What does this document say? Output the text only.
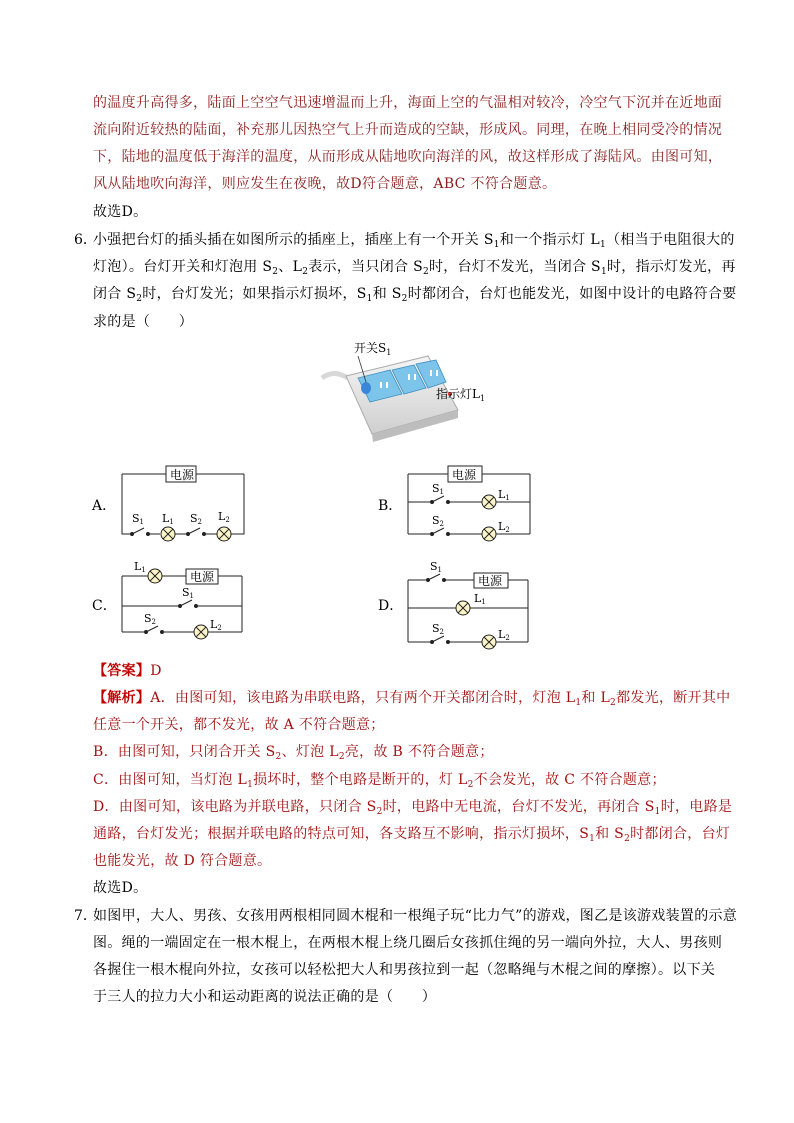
的温度升高得多，陆面上空空气迅速增温而上升，海面上空的气温相对较冷，冷空气下沉并在近地面
流向附近较热的陆面，补充那儿因热空气上升而造成的空缺，形成风。同理，在晚上相同受冷的情况
下，陆地的温度低于海洋的温度，从而形成从陆地吹向海洋的风，故这样形成了海陆风。由图可知，
风从陆地吹向海洋，则应发生在夜晚，故D符合题意，ABC 不符合题意。
故选D。
6．
小强把台灯的插头插在如图所示的插座上，插座上有一个开关 $S_1$和一个指示灯 $L_1$（相当于电阻很大的
灯泡）。台灯开关和灯泡用 $S_2$、$L_2$表示，当只闭合 $S_2$时，台灯不发光，当闭合 $S_1$时，指示灯发光，再
闭合 $S_2$时，台灯发光；如果指示灯损坏，$S_1$和 $S_2$时都闭合，台灯也能发光，如图中设计的电路符合要
求的是（　　）
开关$S_1$
指示灯$L_1$
A．
电源
S1 L1 S2 L2
B．
电源
S1	L1
S2	L2
C．
电源
L1
S1
S2	L2
D．
电源
S1
L1
S2	L2
【答案】D
【解析】A．由图可知，该电路为串联电路，只有两个开关都闭合时，灯泡 $L_1$和 $L_2$都发光，断开其中
任意一个开关，都不发光，故 A 不符合题意；
B．由图可知，只闭合开关 $S_2$、灯泡 $L_2$亮，故 B 不符合题意；
C．由图可知，当灯泡 $L_1$损坏时，整个电路是断开的，灯 $L_2$不会发光，故 C 不符合题意；
D．由图可知，该电路为并联电路，只闭合 $S_2$时，电路中无电流，台灯不发光，再闭合 $S_1$时，电路是
通路，台灯发光；根据并联电路的特点可知，各支路互不影响，指示灯损坏，$S_1$和 $S_2$时都闭合，台灯
也能发光，故 D 符合题意。
故选D。
7．
如图甲，大人、男孩、女孩用两根相同圆木棍和一根绳子玩“比力气”的游戏，图乙是该游戏装置的示意
图。绳的一端固定在一根木棍上，在两根木棍上绕几圈后女孩抓住绳的另一端向外拉，大人、男孩则
各握住一根木棍向外拉，女孩可以轻松把大人和男孩拉到一起（忽略绳与木棍之间的摩擦）。以下关
于三人的拉力大小和运动距离的说法正确的是（　　）
